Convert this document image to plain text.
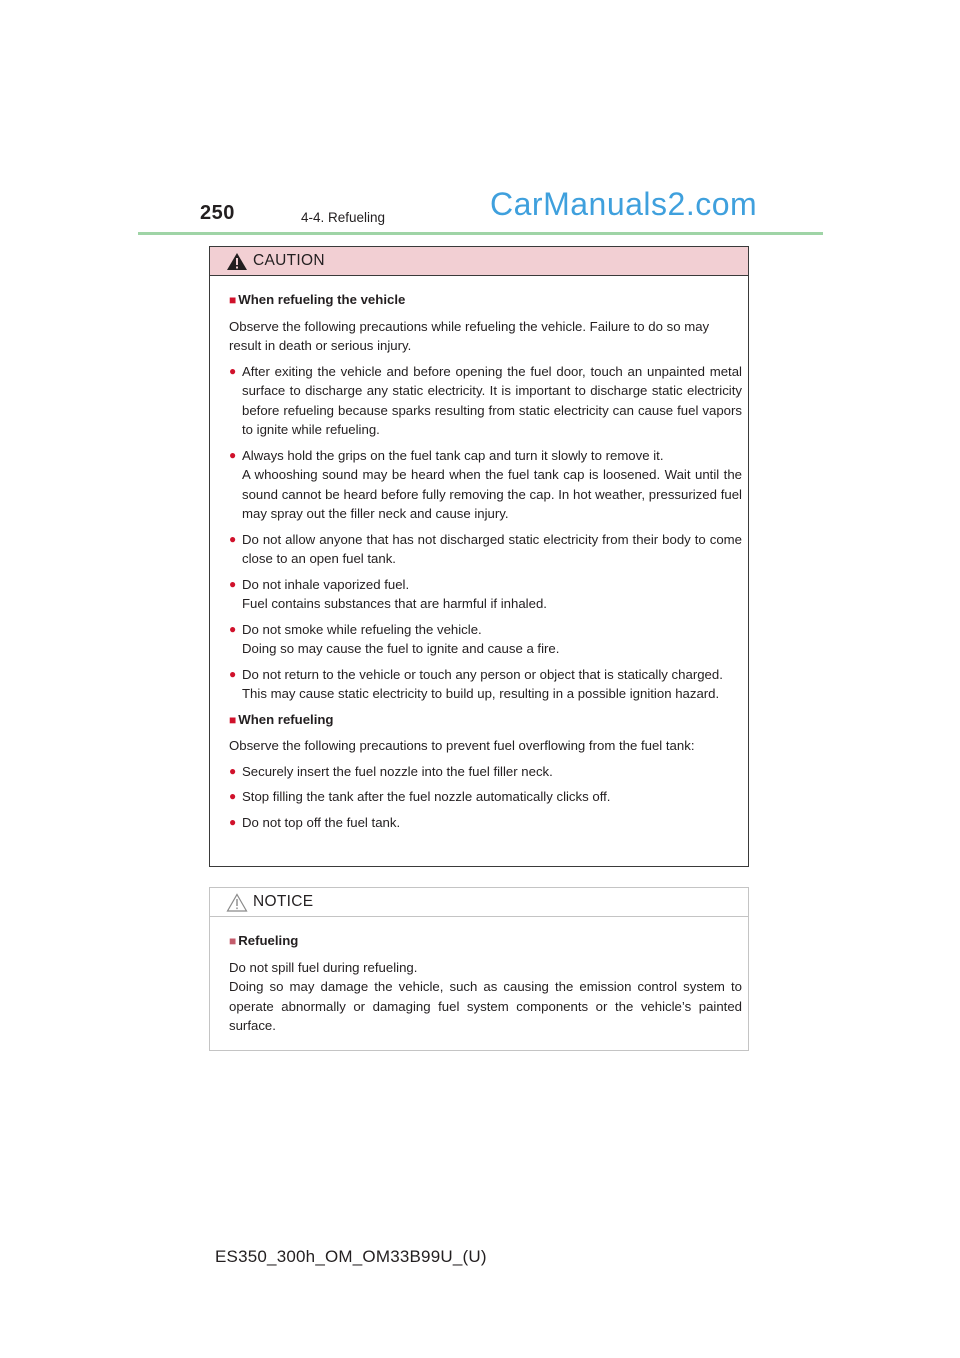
250	4-4. Refueling	CarManuals2.com
CAUTION
■ When refueling the vehicle
Observe the following precautions while refueling the vehicle. Failure to do so may result in death or serious injury.
● After exiting the vehicle and before opening the fuel door, touch an unpainted metal surface to discharge any static electricity. It is important to discharge static electricity before refueling because sparks resulting from static electricity can cause fuel vapors to ignite while refueling.
● Always hold the grips on the fuel tank cap and turn it slowly to remove it.
A whooshing sound may be heard when the fuel tank cap is loosened. Wait until the sound cannot be heard before fully removing the cap. In hot weather, pressurized fuel may spray out the filler neck and cause injury.
● Do not allow anyone that has not discharged static electricity from their body to come close to an open fuel tank.
● Do not inhale vaporized fuel.
Fuel contains substances that are harmful if inhaled.
● Do not smoke while refueling the vehicle.
Doing so may cause the fuel to ignite and cause a fire.
● Do not return to the vehicle or touch any person or object that is statically charged.
This may cause static electricity to build up, resulting in a possible ignition hazard.
■ When refueling
Observe the following precautions to prevent fuel overflowing from the fuel tank:
● Securely insert the fuel nozzle into the fuel filler neck.
● Stop filling the tank after the fuel nozzle automatically clicks off.
● Do not top off the fuel tank.
NOTICE
■ Refueling
Do not spill fuel during refueling.
Doing so may damage the vehicle, such as causing the emission control system to operate abnormally or damaging fuel system components or the vehicle’s painted surface.
ES350_300h_OM_OM33B99U_(U)
